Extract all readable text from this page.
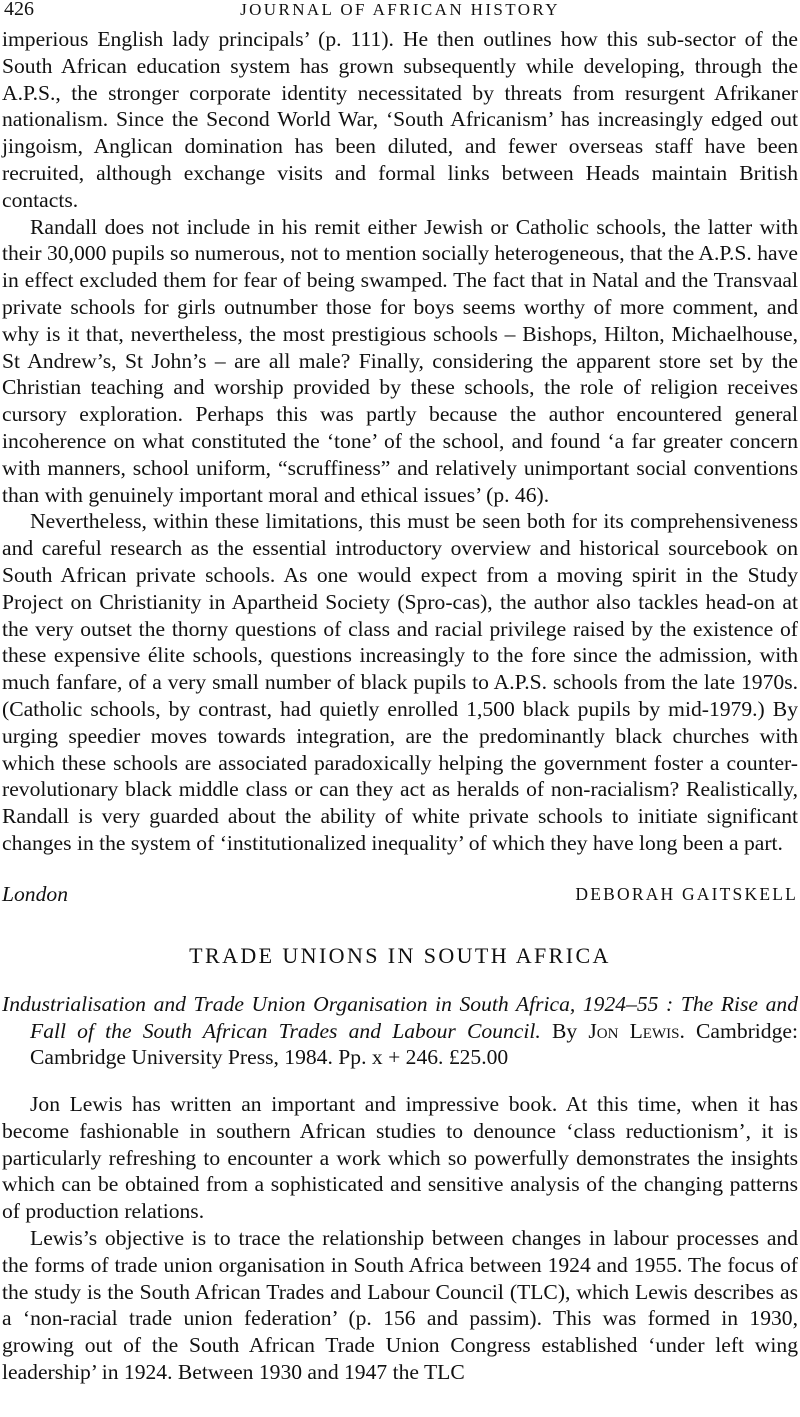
426	JOURNAL OF AFRICAN HISTORY

imperious English lady principals’ (p. 111). He then outlines how this sub-sector of the South African education system has grown subsequently while developing, through the A.P.S., the stronger corporate identity necessitated by threats from resurgent Afrikaner nationalism. Since the Second World War, ‘South Africanism’ has increasingly edged out jingoism, Anglican domination has been diluted, and fewer overseas staff have been recruited, although exchange visits and formal links between Heads maintain British contacts.

Randall does not include in his remit either Jewish or Catholic schools, the latter with their 30,000 pupils so numerous, not to mention socially heterogeneous, that the A.P.S. have in effect excluded them for fear of being swamped. The fact that in Natal and the Transvaal private schools for girls outnumber those for boys seems worthy of more comment, and why is it that, nevertheless, the most prestigious schools – Bishops, Hilton, Michaelhouse, St Andrew’s, St John’s – are all male? Finally, considering the apparent store set by the Christian teaching and worship provided by these schools, the role of religion receives cursory exploration. Perhaps this was partly because the author encountered general incoherence on what constituted the ‘tone’ of the school, and found ‘a far greater concern with manners, school uniform, “scruffiness” and relatively unimportant social conventions than with genuinely important moral and ethical issues’ (p. 46).

Nevertheless, within these limitations, this must be seen both for its comprehensiveness and careful research as the essential introductory overview and historical sourcebook on South African private schools. As one would expect from a moving spirit in the Study Project on Christianity in Apartheid Society (Spro-cas), the author also tackles head-on at the very outset the thorny questions of class and racial privilege raised by the existence of these expensive élite schools, questions increasingly to the fore since the admission, with much fanfare, of a very small number of black pupils to A.P.S. schools from the late 1970s. (Catholic schools, by contrast, had quietly enrolled 1,500 black pupils by mid-1979.) By urging speedier moves towards integration, are the predominantly black churches with which these schools are associated paradoxically helping the government foster a counter-revolutionary black middle class or can they act as heralds of non-racialism? Realistically, Randall is very guarded about the ability of white private schools to initiate significant changes in the system of ‘institutionalized inequality’ of which they have long been a part.

London	DEBORAH GAITSKELL
TRADE UNIONS IN SOUTH AFRICA
Industrialisation and Trade Union Organisation in South Africa, 1924–55 : The Rise and Fall of the South African Trades and Labour Council. By Jon Lewis. Cambridge: Cambridge University Press, 1984. Pp. x + 246. £25.00

Jon Lewis has written an important and impressive book. At this time, when it has become fashionable in southern African studies to denounce ‘class reductionism’, it is particularly refreshing to encounter a work which so powerfully demonstrates the insights which can be obtained from a sophisticated and sensitive analysis of the changing patterns of production relations.

Lewis’s objective is to trace the relationship between changes in labour processes and the forms of trade union organisation in South Africa between 1924 and 1955. The focus of the study is the South African Trades and Labour Council (TLC), which Lewis describes as a ‘non-racial trade union federation’ (p. 156 and passim). This was formed in 1930, growing out of the South African Trade Union Congress established ‘under left wing leadership’ in 1924. Between 1930 and 1947 the TLC
